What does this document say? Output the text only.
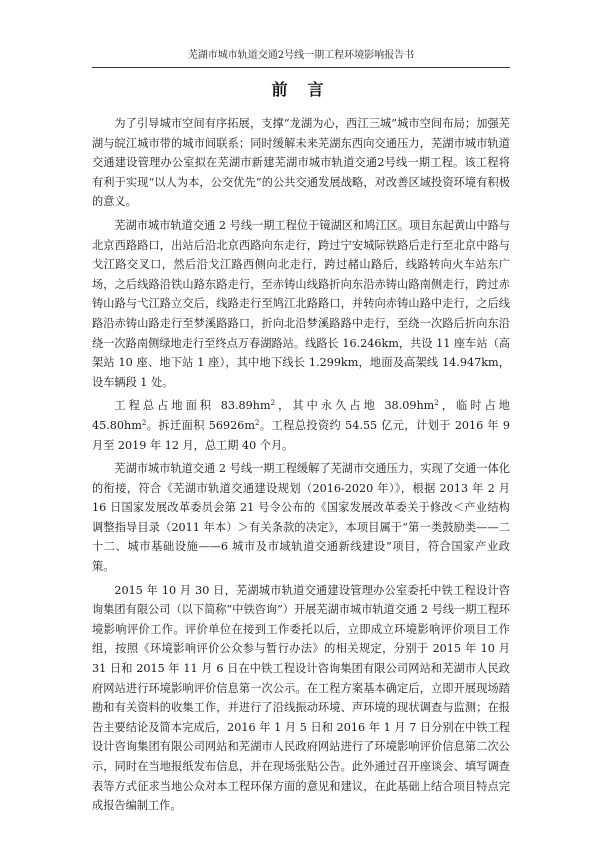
芜湖市城市轨道交通2号线一期工程环境影响报告书
前言

为了引导城市空间有序拓展，支撑“龙湖为心，西江三城”城市空间布局；加强芜湖与皖江城市带的城市间联系；同时缓解未来芜湖东西向交通压力，芜湖市城市轨道交通建设管理办公室拟在芜湖市新建芜湖市城市轨道交通2号线一期工程。该工程将有利于实现“以人为本，公交优先”的公共交通发展战略，对改善区域投资环境有积极的意义。

芜湖市城市轨道交通 2 号线一期工程位于镜湖区和鸠江区。项目东起黄山中路与北京西路路口，出站后沿北京西路向东走行，跨过宁安城际铁路后走行至北京中路与戈江路交叉口，然后沿戈江路西侧向北走行，跨过赭山路后，线路转向火车站东广场，之后线路沿铁山路东路走行，至赤铸山线路折向东沿赤铸山路南侧走行，跨过赤铸山路与弋江路立交后，线路走行至鸠江北路路口，并转向赤铸山路中走行，之后线路沿赤铸山路走行至梦溪路路口，折向北沿梦溪路路中走行，至绕一次路后折向东沿绕一次路南侧绿地走行至终点万春湖路站。线路长 16.246km，共设 11 座车站（高架站 10 座、地下站 1 座），其中地下线长 1.299km，地面及高架线 14.947km，设车辆段 1 处。

工程总占地面积 $83.89hm^2$，其中永久占地 $38.09hm^2$，临时占地 $45.80hm^2$。拆迁面积 $56926m^2$。工程总投资约 54.55 亿元，计划于 2016 年 9 月至 2019 年 12 月，总工期 40 个月。

芜湖市城市轨道交通 2 号线一期工程缓解了芜湖市交通压力，实现了交通一体化的衔接，符合《芜湖市轨道交通建设规划（2016-2020 年）》，根据 2013 年 2 月 16 日国家发展改革委员会第 21 号令公布的《国家发展改革委关于修改＜产业结构调整指导目录（2011 年本）＞有关条款的决定》，本项目属于“第一类鼓励类——二十二、城市基础设施——6 城市及市域轨道交通新线建设”项目，符合国家产业政策。

2015 年 10 月 30 日，芜湖城市轨道交通建设管理办公室委托中铁工程设计咨询集团有限公司（以下简称“中铁咨询”）开展芜湖市城市轨道交通 2 号线一期工程环境影响评价工作。评价单位在接到工作委托以后，立即成立环境影响评价项目工作组，按照《环境影响评价公众参与暂行办法》的相关规定，分别于 2015 年 10 月 31 日和 2015 年 11 月 6 日在中铁工程设计咨询集团有限公司网站和芜湖市人民政府网站进行环境影响评价信息第一次公示。在工程方案基本确定后，立即开展现场踏勘和有关资料的收集工作，并进行了沿线振动环境、声环境的现状调查与监测；在报告主要结论及简本完成后，2016 年 1 月 5 日和 2016 年 1 月 7 日分别在中铁工程设计咨询集团有限公司网站和芜湖市人民政府网站进行了环境影响评价信息第二次公示，同时在当地报纸发布信息，并在现场张贴公告。此外通过召开座谈会、填写调查表等方式征求当地公众对本工程环保方面的意见和建议，在此基础上结合项目特点完成报告编制工作。
